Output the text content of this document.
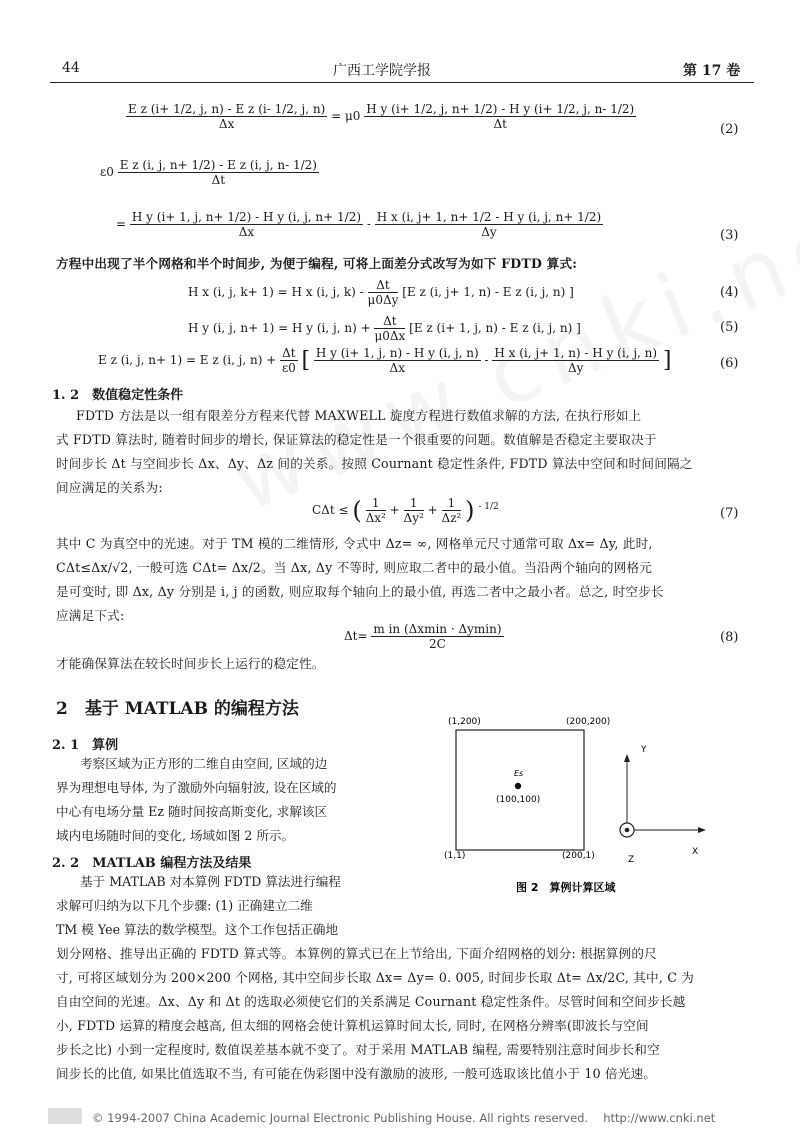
44	广西工学院学报	第 17 卷
$\frac{\text{E z (i+ 1/2, j, n) - E z (i- 1/2, j, n)}}{\Delta x} = \mu 0 \frac{\text{H y (i+ 1/2, j, n+ 1/2) - H y (i+ 1/2, j, n- 1/2)}}{\Delta t}$	(2)
$\varepsilon 0 \frac{\text{E z (i, j, n+ 1/2) - E z (i, j, n- 1/2)}}{\Delta t}$
= $\frac{\text{H y (i+ 1, j, n+ 1/2) - H y (i, j, n+ 1/2)}}{\Delta x} - \frac{\text{H x (i, j+ 1, n+ 1/2 - H y (i, j, n+ 1/2)}}{\Delta y}$	(3)
方程中出现了半个网格和半个时间步, 为便于编程, 可将上面差分式改写为如下 FDTD 算式:
H x (i, j, k+ 1) = H x (i, j, $k) - \frac{\Delta t}{\mu 0\Delta y} [E$ z (i, j+ 1, n) - E z (i, j, n) ]	(4)
H y (i, j, n+ 1) = H y (i, j, $n) + \frac{\Delta t}{\mu 0\Delta x} [E$ z (i+ 1, j, n) - E z (i, j, n) ]	(5)
E z (i, j, n+ 1) = E z (i, j, $n) + \frac{\Delta t}{\varepsilon 0}$ [ $\frac{\text{H y (i+ 1, j, n) - H y (i, j, n)}}{\Delta x} - \frac{\text{H x (i, j+ 1, n) - H y (i, j, n)}}{\Delta y}$ ]	(6)
1. 2　数值稳定性条件
FDTD 方法是以一组有限差分方程来代替 MAXWELL 旋度方程进行数值求解的方法, 在执行形如上
式 FDTD 算法时, 随着时间步的增长, 保证算法的稳定性是一个很重要的问题。数值解是否稳定主要取决于
时间步长 Δt 与空间步长 Δx、Δy、Δz 间的关系。按照 Cournant 稳定性条件, FDTD 算法中空间和时间间隔之
间应满足的关系为:
CΔt ≤ ( $\frac{1}{\text{Δx²}} + \frac{1}{\text{Δy²}} + \frac{1}{\text{Δz²}}$ ) $^{- 1/2}$	(7)
其中 C 为真空中的光速。对于 TM 模的二维情形, 令式中 Δz= ∞, 网格单元尺寸通常可取 Δx= Δy, 此时,
CΔt≤Δx/√2, 一般可选 CΔt= Δx/2。当 Δx, Δy 不等时, 则应取二者中的最小值。当沿两个轴向的网格元
是可变时, 即 Δx, Δy 分别是 i, j 的函数, 则应取每个轴向上的最小值, 再选二者中之最小者。总之, 时空步长
应满足下式:
$\Delta t= \frac{\text{m in (Δxmin · Δymin)}}{2C}$	(8)
才能确保算法在较长时间步长上运行的稳定性。
2　基于 MATLAB 的编程方法
2. 1　算例
考察区域为正方形的二维自由空间, 区域的边
界为理想电导体, 为了激励外向辐射波, 设在区域的
中心有电场分量 Ez 随时间按高斯变化, 求解该区
域内电场随时间的变化, 场域如图 2 所示。
2. 2　MATLAB 编程方法及结果
基于 MATLAB 对本算例 FDTD 算法进行编程
求解可归纳为以下几个步骤: (1) 正确建立二维
TM 模 Yee 算法的数学模型。这个工作包括正确地
(1,200)	(200,200)
(1,1)	(200,1)
Es
(100,100)
Y
X
Z
图 2　算例计算区域
划分网格、推导出正确的 FDTD 算式等。本算例的算式已在上节给出, 下面介绍网格的划分: 根据算例的尺
寸, 可将区域划分为 200×200 个网格, 其中空间步长取 Δx= Δy= 0. 005, 时间步长取 Δt= Δx/2C, 其中, C 为
自由空间的光速。Δx、Δy 和 Δt 的选取必须使它们的关系满足 Cournant 稳定性条件。尽管时间和空间步长越
小, FDTD 运算的精度会越高, 但太细的网格会使计算机运算时间太长, 同时, 在网格分辨率(即波长与空间
步长之比) 小到一定程度时, 数值误差基本就不变了。对于采用 MATLAB 编程, 需要特别注意时间步长和空
间步长的比值, 如果比值选取不当, 有可能在伪彩图中没有激励的波形, 一般可选取该比值小于 10 倍光速。
© 1994-2007 China Academic Journal Electronic Publishing House. All rights reserved.　 http://www.cnki.net
